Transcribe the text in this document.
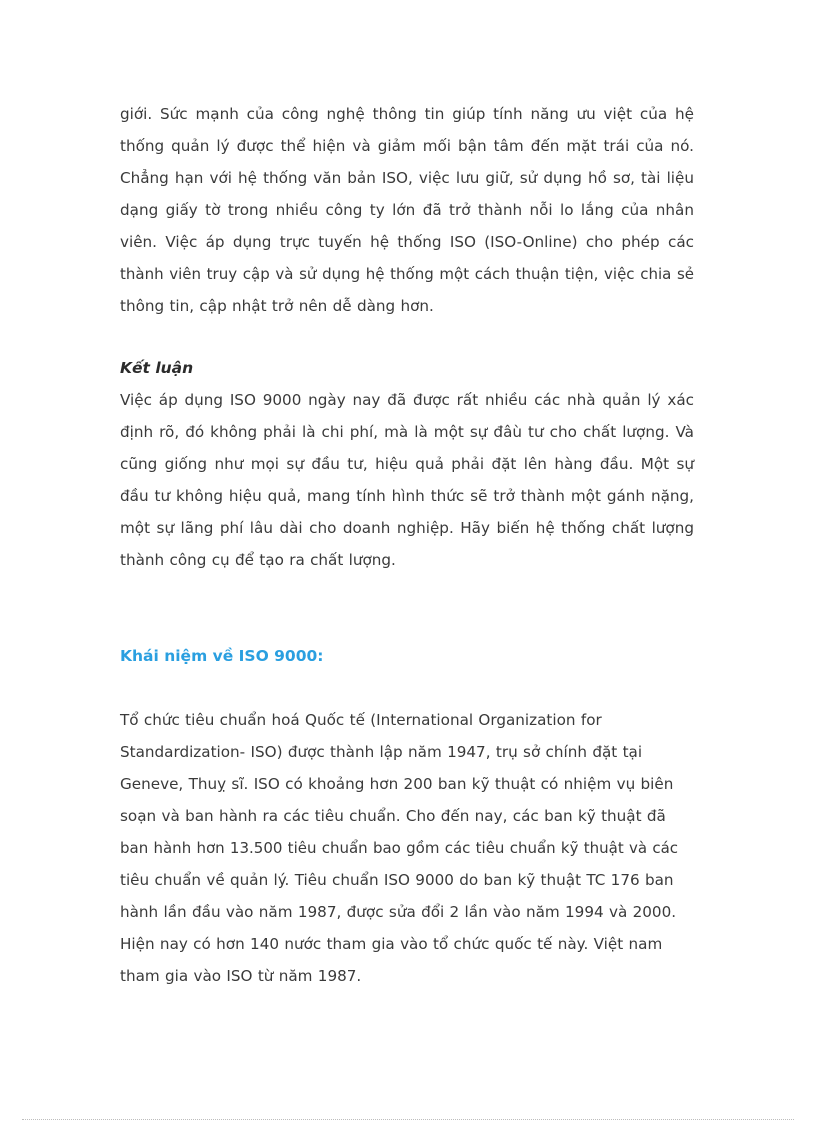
giới. Sức mạnh của công nghệ thông tin giúp tính năng ưu việt của hệ
thống quản lý được thể hiện và giảm mối bận tâm đến mặt trái của nó.
Chẳng hạn với hệ thống văn bản ISO, việc lưu giữ, sử dụng hồ sơ, tài liệu
dạng giấy tờ trong nhiều công ty lớn đã trở thành nỗi lo lắng của nhân
viên. Việc áp dụng trực tuyến hệ thống ISO (ISO-Online) cho phép các
thành viên truy cập và sử dụng hệ thống một cách thuận tiện, việc chia sẻ
thông tin, cập nhật trở nên dễ dàng hơn.

Kết luận

Việc áp dụng ISO 9000 ngày nay đã được rất nhiều các nhà quản lý xác
định rõ, đó không phải là chi phí, mà là một sự đâù tư cho chất lượng. Và
cũng giống như mọi sự đầu tư, hiệu quả phải đặt lên hàng đầu. Một sự
đầu tư không hiệu quả, mang tính hình thức sẽ trở thành một gánh nặng,
một sự lãng phí lâu dài cho doanh nghiệp. Hãy biến hệ thống chất lượng
thành công cụ để tạo ra chất lượng.

Khái niệm về ISO 9000:

Tổ chức tiêu chuẩn hoá Quốc tế (International Organization for
Standardization- ISO) được thành lập năm 1947, trụ sở chính đặt tại
Geneve, Thuỵ sĩ. ISO có khoảng hơn 200 ban kỹ thuật có nhiệm vụ biên
soạn và ban hành ra các tiêu chuẩn. Cho đến nay, các ban kỹ thuật đã
ban hành hơn 13.500 tiêu chuẩn bao gồm các tiêu chuẩn kỹ thuật và các
tiêu chuẩn về quản lý. Tiêu chuẩn ISO 9000 do ban kỹ thuật TC 176 ban
hành lần đầu vào năm 1987, được sửa đổi 2 lần vào năm 1994 và 2000.
Hiện nay có hơn 140 nước tham gia vào tổ chức quốc tế này. Việt nam
tham gia vào ISO từ năm 1987.
